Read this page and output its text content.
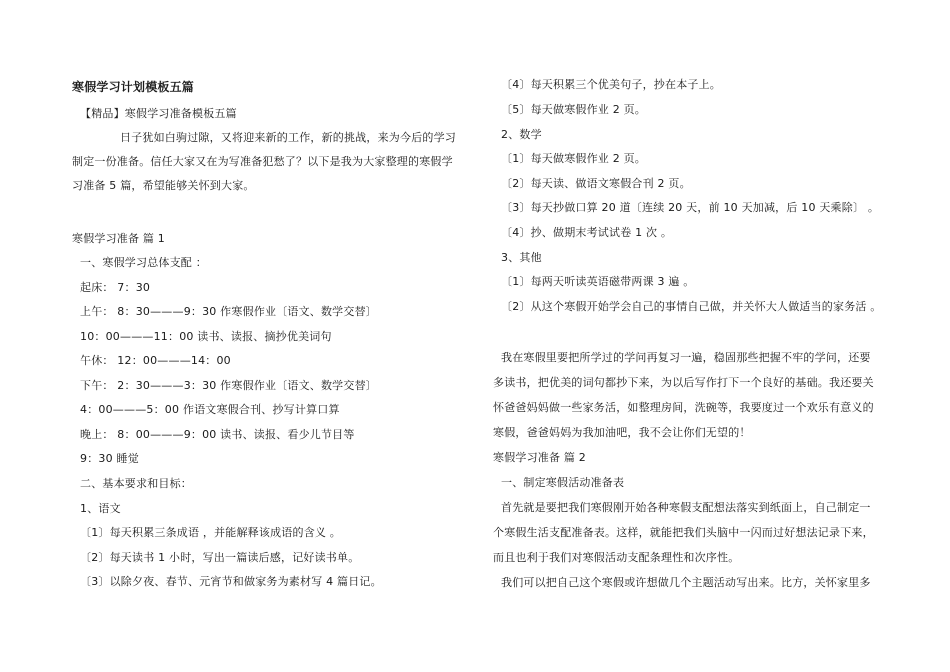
寒假学习计划模板五篇
【精品】寒假学习准备模板五篇
日子犹如白驹过隙，又将迎来新的工作，新的挑战，来为今后的学习
制定一份准备。信任大家又在为写准备犯愁了？以下是我为大家整理的寒假学
习准备 5 篇，希望能够关怀到大家。
寒假学习准备 篇 1
一、寒假学习总体支配 ：
起床： 7：30
上午： 8：30———9：30 作寒假作业〔语文、数学交替〕
10：00———11：00 读书、读报、摘抄优美词句
午休： 12：00———14：00
下午： 2：30———3：30 作寒假作业〔语文、数学交替〕
4：00———5：00 作语文寒假合刊、抄写计算口算
晚上： 8：00———9：00 读书、读报、看少儿节目等
9：30 睡觉
二、基本要求和目标：
1、语文
〔1〕每天积累三条成语 ，并能解释该成语的含义 。
〔2〕每天读书 1 小时，写出一篇读后感，记好读书单。
〔3〕以除夕夜、春节、元宵节和做家务为素材写 4 篇日记。
〔4〕每天积累三个优美句子，抄在本子上。
〔5〕每天做寒假作业 2 页。
2、数学
〔1〕每天做寒假作业 2 页。
〔2〕每天读、做语文寒假合刊 2 页。
〔3〕每天抄做口算 20 道〔连续 20 天，前 10 天加减，后 10 天乘除〕 。
〔4〕抄、做期末考试试卷 1 次 。
3、其他
〔1〕每两天听读英语磁带两课 3 遍 。
〔2〕从这个寒假开始学会自己的事情自己做，并关怀大人做适当的家务活 。
我在寒假里要把所学过的学问再复习一遍，稳固那些把握不牢的学问，还要
多读书，把优美的词句都抄下来，为以后写作打下一个良好的基础。我还要关
怀爸爸妈妈做一些家务活，如整理房间，洗碗等，我要度过一个欢乐有意义的
寒假，爸爸妈妈为我加油吧，我不会让你们无望的！
寒假学习准备 篇 2
一、制定寒假活动准备表
首先就是要把我们寒假刚开始各种寒假支配想法落实到纸面上，自己制定一
个寒假生活支配准备表。这样，就能把我们头脑中一闪而过好想法记录下来，
而且也利于我们对寒假活动支配条理性和次序性。
我们可以把自己这个寒假或许想做几个主题活动写出来。比方，关怀家里多
